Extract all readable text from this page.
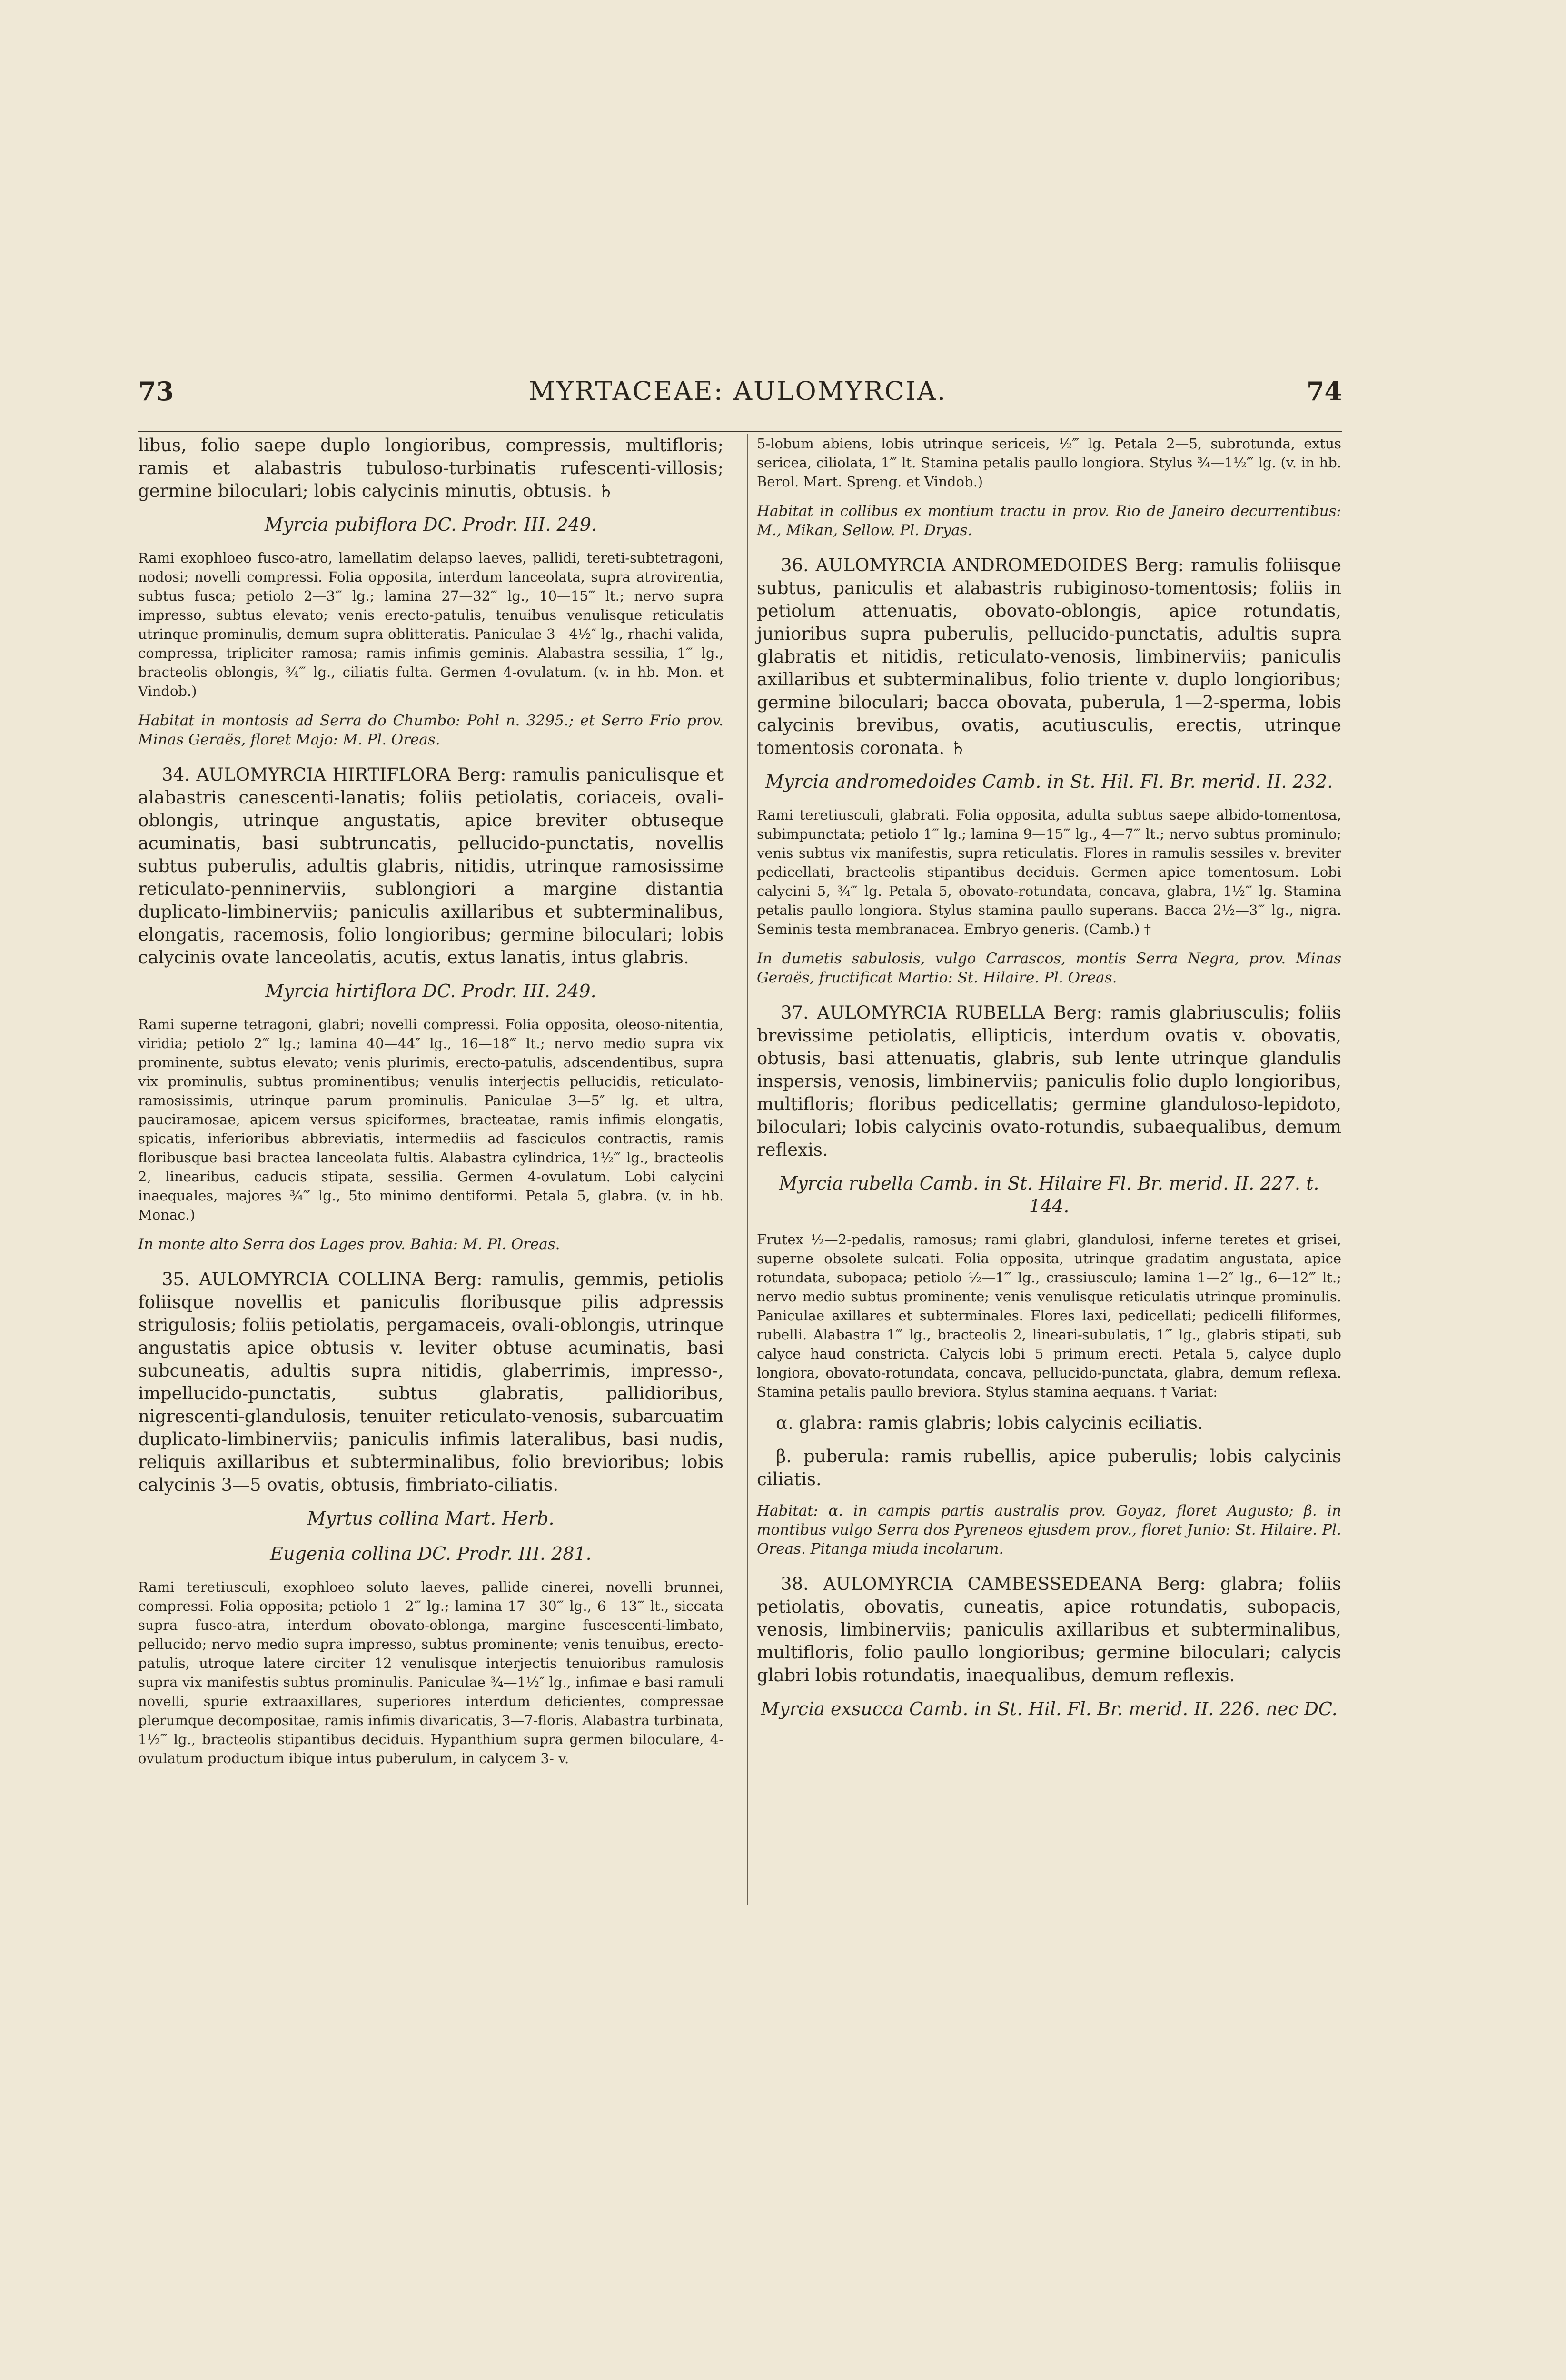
73	MYRTACEAE: AULOMYRCIA.	74

libus, folio saepe duplo longioribus, compressis, multifloris; ramis et alabastris tubuloso-turbinatis rufescenti-villosis; germine biloculari; lobis calycinis minutis, obtusis. ♄

Myrcia pubiflora DC. Prodr. III. 249.

Rami exophloeo fusco-atro, lamellatim delapso laeves, pallidi, tereti-subtetragoni, nodosi; novelli compressi. Folia opposita, interdum lanceolata, supra atrovirentia, subtus fusca; petiolo 2—3‴ lg.; lamina 27—32‴ lg., 10—15‴ lt.; nervo supra impresso, subtus elevato; venis erecto-patulis, tenuibus venulisque reticulatis utrinque prominulis, demum supra oblitteratis. Paniculae 3—4½″ lg., rhachi valida, compressa, tripliciter ramosa; ramis infimis geminis. Alabastra sessilia, 1‴ lg., bracteolis oblongis, ¾‴ lg., ciliatis fulta. Germen 4-ovulatum. (v. in hb. Mon. et Vindob.)

Habitat in montosis ad Serra do Chumbo: Pohl n. 3295.; et Serro Frio prov. Minas Geraës, floret Majo: M. Pl. Oreas.

34. AULOMYRCIA HIRTIFLORA Berg: ramulis paniculisque et alabastris canescenti-lanatis; foliis petiolatis, coriaceis, ovali-oblongis, utrinque angustatis, apice breviter obtuseque acuminatis, basi subtruncatis, pellucido-punctatis, novellis subtus puberulis, adultis glabris, nitidis, utrinque ramosissime reticulato-penninerviis, sublongiori a margine distantia duplicato-limbinerviis; paniculis axillaribus et subterminalibus, elongatis, racemosis, folio longioribus; germine biloculari; lobis calycinis ovate lanceolatis, acutis, extus lanatis, intus glabris.

Myrcia hirtiflora DC. Prodr. III. 249.

Rami superne tetragoni, glabri; novelli compressi. Folia opposita, oleoso-nitentia, viridia; petiolo 2‴ lg.; lamina 40—44″ lg., 16—18‴ lt.; nervo medio supra vix prominente, subtus elevato; venis plurimis, erecto-patulis, adscendentibus, supra vix prominulis, subtus prominentibus; venulis interjectis pellucidis, reticulato-ramosissimis, utrinque parum prominulis. Paniculae 3—5″ lg. et ultra, pauciramosae, apicem versus spiciformes, bracteatae, ramis infimis elongatis, spicatis, inferioribus abbreviatis, intermediis ad fasciculos contractis, ramis floribusque basi bractea lanceolata fultis. Alabastra cylindrica, 1½‴ lg., bracteolis 2, linearibus, caducis stipata, sessilia. Germen 4-ovulatum. Lobi calycini inaequales, majores ¾‴ lg., 5to minimo dentiformi. Petala 5, glabra. (v. in hb. Monac.)

In monte alto Serra dos Lages prov. Bahia: M. Pl. Oreas.

35. AULOMYRCIA COLLINA Berg: ramulis, gemmis, petiolis foliisque novellis et paniculis floribusque pilis adpressis strigulosis; foliis petiolatis, pergamaceis, ovali-oblongis, utrinque angustatis apice obtusis v. leviter obtuse acuminatis, basi subcuneatis, adultis supra nitidis, glaberrimis, impresso-, impellucido-punctatis, subtus glabratis, pallidioribus, nigrescenti-glandulosis, tenuiter reticulato-venosis, subarcuatim duplicato-limbinerviis; paniculis infimis lateralibus, basi nudis, reliquis axillaribus et subterminalibus, folio brevioribus; lobis calycinis 3—5 ovatis, obtusis, fimbriato-ciliatis.

Myrtus collina Mart. Herb.

Eugenia collina DC. Prodr. III. 281.

Rami teretiusculi, exophloeo soluto laeves, pallide cinerei, novelli brunnei, compressi. Folia opposita; petiolo 1—2‴ lg.; lamina 17—30‴ lg., 6—13‴ lt., siccata supra fusco-atra, interdum obovato-oblonga, margine fuscescenti-limbato, pellucido; nervo medio supra impresso, subtus prominente; venis tenuibus, erecto-patulis, utroque latere circiter 12 venulisque interjectis tenuioribus ramulosis supra vix manifestis subtus prominulis. Paniculae ¾—1½″ lg., infimae e basi ramuli novelli, spurie extraaxillares, superiores interdum deficientes, compressae plerumque decompositae, ramis infimis divaricatis, 3—7-floris. Alabastra turbinata, 1½‴ lg., bracteolis stipantibus deciduis. Hypanthium supra germen biloculare, 4-ovulatum productum ibique intus puberulum, in calycem 3- v.

5-lobum abiens, lobis utrinque sericeis, ½‴ lg. Petala 2—5, subrotunda, extus sericea, ciliolata, 1‴ lt. Stamina petalis paullo longiora. Stylus ¾—1½‴ lg. (v. in hb. Berol. Mart. Spreng. et Vindob.)

Habitat in collibus ex montium tractu in prov. Rio de Janeiro decurrentibus: M., Mikan, Sellow. Pl. Dryas.

36. AULOMYRCIA ANDROMEDOIDES Berg: ramulis foliisque subtus, paniculis et alabastris rubiginoso-tomentosis; foliis in petiolum attenuatis, obovato-oblongis, apice rotundatis, junioribus supra puberulis, pellucido-punctatis, adultis supra glabratis et nitidis, reticulato-venosis, limbinerviis; paniculis axillaribus et subterminalibus, folio triente v. duplo longioribus; germine biloculari; bacca obovata, puberula, 1—2-sperma, lobis calycinis brevibus, ovatis, acutiusculis, erectis, utrinque tomentosis coronata. ♄

Myrcia andromedoides Camb. in St. Hil. Fl. Br. merid. II. 232.

Rami teretiusculi, glabrati. Folia opposita, adulta subtus saepe albido-tomentosa, subimpunctata; petiolo 1‴ lg.; lamina 9—15‴ lg., 4—7‴ lt.; nervo subtus prominulo; venis subtus vix manifestis, supra reticulatis. Flores in ramulis sessiles v. breviter pedicellati, bracteolis stipantibus deciduis. Germen apice tomentosum. Lobi calycini 5, ¾‴ lg. Petala 5, obovato-rotundata, concava, glabra, 1½‴ lg. Stamina petalis paullo longiora. Stylus stamina paullo superans. Bacca 2½—3‴ lg., nigra. Seminis testa membranacea. Embryo generis. (Camb.) †

In dumetis sabulosis, vulgo Carrascos, montis Serra Negra, prov. Minas Geraës, fructificat Martio: St. Hilaire. Pl. Oreas.

37. AULOMYRCIA RUBELLA Berg: ramis glabriusculis; foliis brevissime petiolatis, ellipticis, interdum ovatis v. obovatis, obtusis, basi attenuatis, glabris, sub lente utrinque glandulis inspersis, venosis, limbinerviis; paniculis folio duplo longioribus, multifloris; floribus pedicellatis; germine glanduloso-lepidoto, biloculari; lobis calycinis ovato-rotundis, subaequalibus, demum reflexis.

Myrcia rubella Camb. in St. Hilaire Fl. Br. merid. II. 227. t. 144.

Frutex ½—2-pedalis, ramosus; rami glabri, glandulosi, inferne teretes et grisei, superne obsolete sulcati. Folia opposita, utrinque gradatim angustata, apice rotundata, subopaca; petiolo ½—1‴ lg., crassiusculo; lamina 1—2″ lg., 6—12‴ lt.; nervo medio subtus prominente; venis venulisque reticulatis utrinque prominulis. Paniculae axillares et subterminales. Flores laxi, pedicellati; pedicelli filiformes, rubelli. Alabastra 1‴ lg., bracteolis 2, lineari-subulatis, 1‴ lg., glabris stipati, sub calyce haud constricta. Calycis lobi 5 primum erecti. Petala 5, calyce duplo longiora, obovato-rotundata, concava, pellucido-punctata, glabra, demum reflexa. Stamina petalis paullo breviora. Stylus stamina aequans. † Variat:

α. glabra: ramis glabris; lobis calycinis eciliatis.

β. puberula: ramis rubellis, apice puberulis; lobis calycinis ciliatis.

Habitat: α. in campis partis australis prov. Goyaz, floret Augusto; β. in montibus vulgo Serra dos Pyreneos ejusdem prov., floret Junio: St. Hilaire. Pl. Oreas. Pitanga miuda incolarum.

38. AULOMYRCIA CAMBESSEDEANA Berg: glabra; foliis petiolatis, obovatis, cuneatis, apice rotundatis, subopacis, venosis, limbinerviis; paniculis axillaribus et subterminalibus, multifloris, folio paullo longioribus; germine biloculari; calycis glabri lobis rotundatis, inaequalibus, demum reflexis.

Myrcia exsucca Camb. in St. Hil. Fl. Br. merid. II. 226. nec DC.
